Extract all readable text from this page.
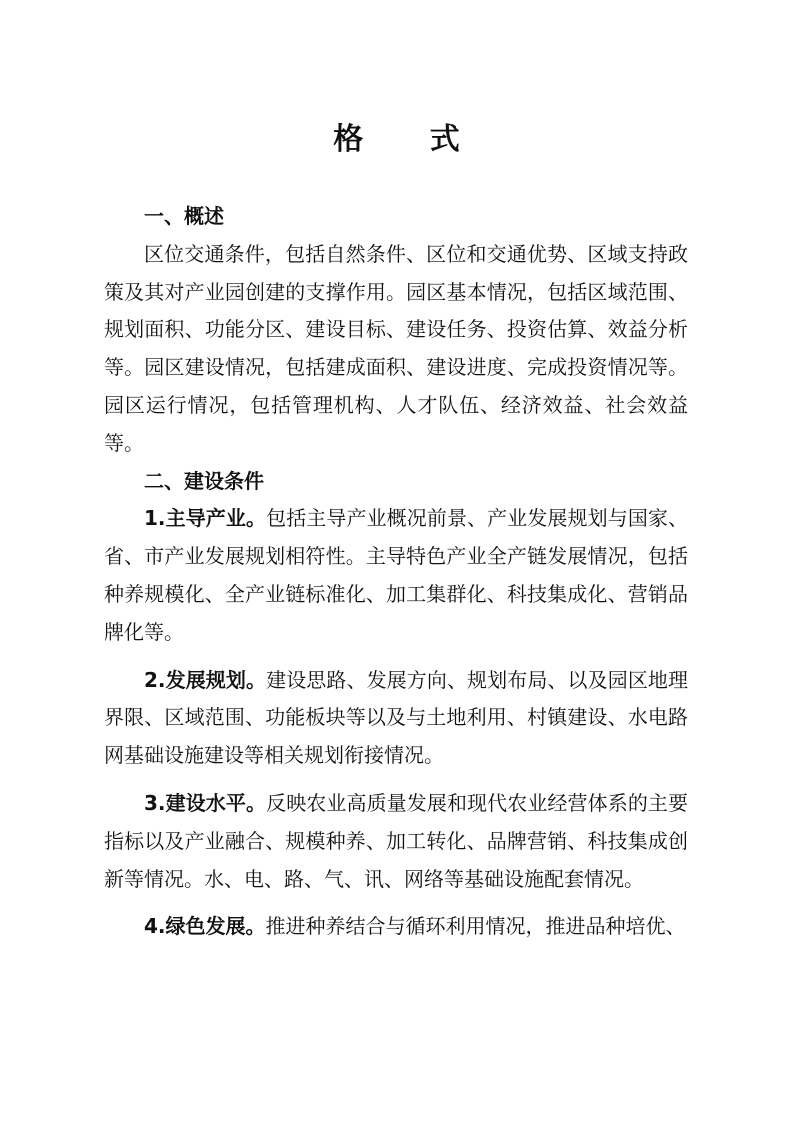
格 式

一、概述

区位交通条件，包括自然条件、区位和交通优势、区域支持政策及其对产业园创建的支撑作用。园区基本情况，包括区域范围、规划面积、功能分区、建设目标、建设任务、投资估算、效益分析等。园区建设情况，包括建成面积、建设进度、完成投资情况等。园区运行情况，包括管理机构、人才队伍、经济效益、社会效益等。

二、建设条件

1.主导产业。包括主导产业概况前景、产业发展规划与国家、省、市产业发展规划相符性。主导特色产业全产链发展情况，包括种养规模化、全产业链标准化、加工集群化、科技集成化、营销品牌化等。

2.发展规划。建设思路、发展方向、规划布局、以及园区地理界限、区域范围、功能板块等以及与土地利用、村镇建设、水电路网基础设施建设等相关规划衔接情况。

3.建设水平。反映农业高质量发展和现代农业经营体系的主要指标以及产业融合、规模种养、加工转化、品牌营销、科技集成创新等情况。水、电、路、气、讯、网络等基础设施配套情况。

4.绿色发展。推进种养结合与循环利用情况，推进品种培优、
